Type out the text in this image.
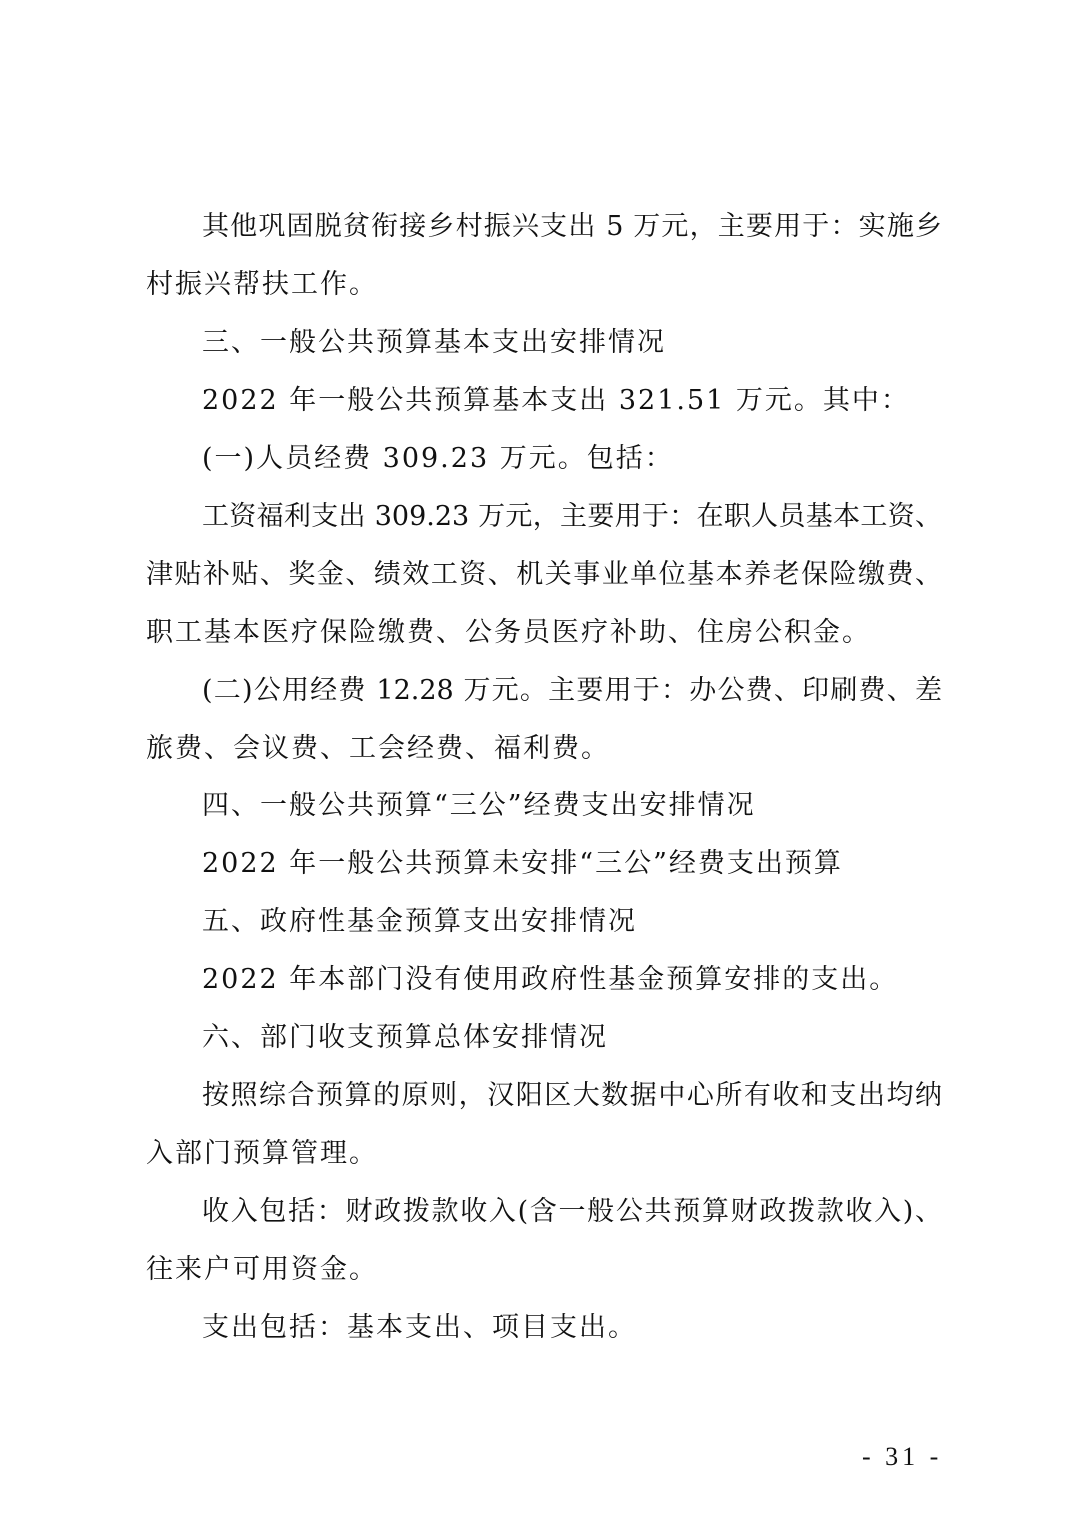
其他巩固脱贫衔接乡村振兴支出 5 万元，主要用于：实施乡
村振兴帮扶工作。
三、一般公共预算基本支出安排情况
2022 年一般公共预算基本支出 321.51 万元。其中：
(一)人员经费 309.23 万元。包括：
工资福利支出 309.23 万元，主要用于：在职人员基本工资、
津贴补贴、奖金、绩效工资、机关事业单位基本养老保险缴费、
职工基本医疗保险缴费、公务员医疗补助、住房公积金。
(二)公用经费 12.28 万元。主要用于：办公费、印刷费、差
旅费、会议费、工会经费、福利费。
四、一般公共预算“三公”经费支出安排情况
2022 年一般公共预算未安排“三公”经费支出预算
五、政府性基金预算支出安排情况
2022 年本部门没有使用政府性基金预算安排的支出。
六、部门收支预算总体安排情况
按照综合预算的原则，汉阳区大数据中心所有收和支出均纳
入部门预算管理。
收入包括：财政拨款收入(含一般公共预算财政拨款收入)、
往来户可用资金。
支出包括：基本支出、项目支出。
- 31 -
